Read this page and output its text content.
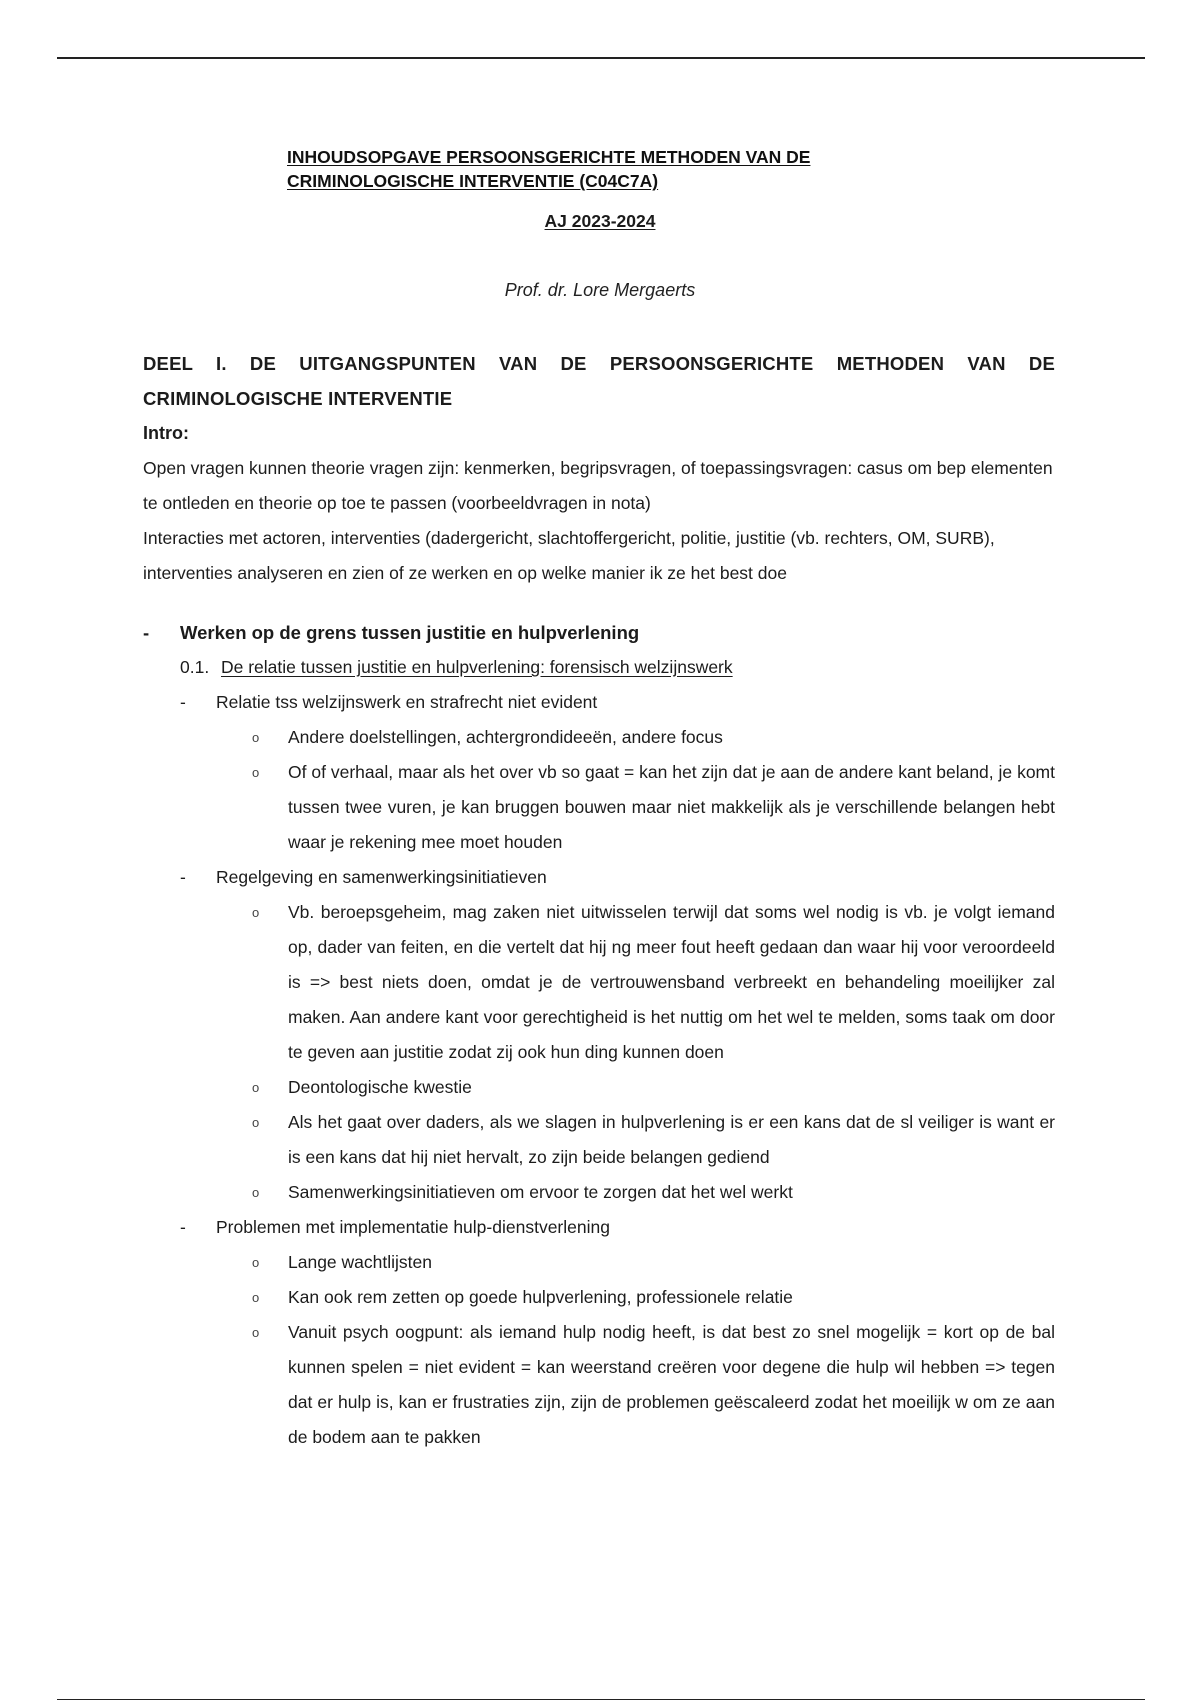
INHOUDSOPGAVE PERSOONSGERICHTE METHODEN VAN DE
CRIMINOLOGISCHE INTERVENTIE (C04C7A)
AJ 2023-2024
Prof. dr. Lore Mergaerts
DEEL I. DE UITGANGSPUNTEN VAN DE PERSOONSGERICHTE METHODEN VAN DE CRIMINOLOGISCHE INTERVENTIE
Intro:
Open vragen kunnen theorie vragen zijn: kenmerken, begripsvragen, of toepassingsvragen: casus om bep elementen te ontleden en theorie op toe te passen (voorbeeldvragen in nota)
Interacties met actoren, interventies (dadergericht, slachtoffergericht, politie, justitie (vb. rechters, OM, SURB), interventies analyseren en zien of ze werken en op welke manier ik ze het best doe
- Werken op de grens tussen justitie en hulpverlening
0.1. De relatie tussen justitie en hulpverlening: forensisch welzijnswerk
- Relatie tss welzijnswerk en strafrecht niet evident
o Andere doelstellingen, achtergrondideeën, andere focus
o Of of verhaal, maar als het over vb so gaat = kan het zijn dat je aan de andere kant beland, je komt tussen twee vuren, je kan bruggen bouwen maar niet makkelijk als je verschillende belangen hebt waar je rekening mee moet houden
- Regelgeving en samenwerkingsinitiatieven
o Vb. beroepsgeheim, mag zaken niet uitwisselen terwijl dat soms wel nodig is vb. je volgt iemand op, dader van feiten, en die vertelt dat hij ng meer fout heeft gedaan dan waar hij voor veroordeeld is => best niets doen, omdat je de vertrouwensband verbreekt en behandeling moeilijker zal maken. Aan andere kant voor gerechtigheid is het nuttig om het wel te melden, soms taak om door te geven aan justitie zodat zij ook hun ding kunnen doen
o Deontologische kwestie
o Als het gaat over daders, als we slagen in hulpverlening is er een kans dat de sl veiliger is want er is een kans dat hij niet hervalt, zo zijn beide belangen gediend
o Samenwerkingsinitiatieven om ervoor te zorgen dat het wel werkt
- Problemen met implementatie hulp-dienstverlening
o Lange wachtlijsten
o Kan ook rem zetten op goede hulpverlening, professionele relatie
o Vanuit psych oogpunt: als iemand hulp nodig heeft, is dat best zo snel mogelijk = kort op de bal kunnen spelen = niet evident = kan weerstand creëren voor degene die hulp wil hebben => tegen dat er hulp is, kan er frustraties zijn, zijn de problemen geëscaleerd zodat het moeilijk w om ze aan de bodem aan te pakken
